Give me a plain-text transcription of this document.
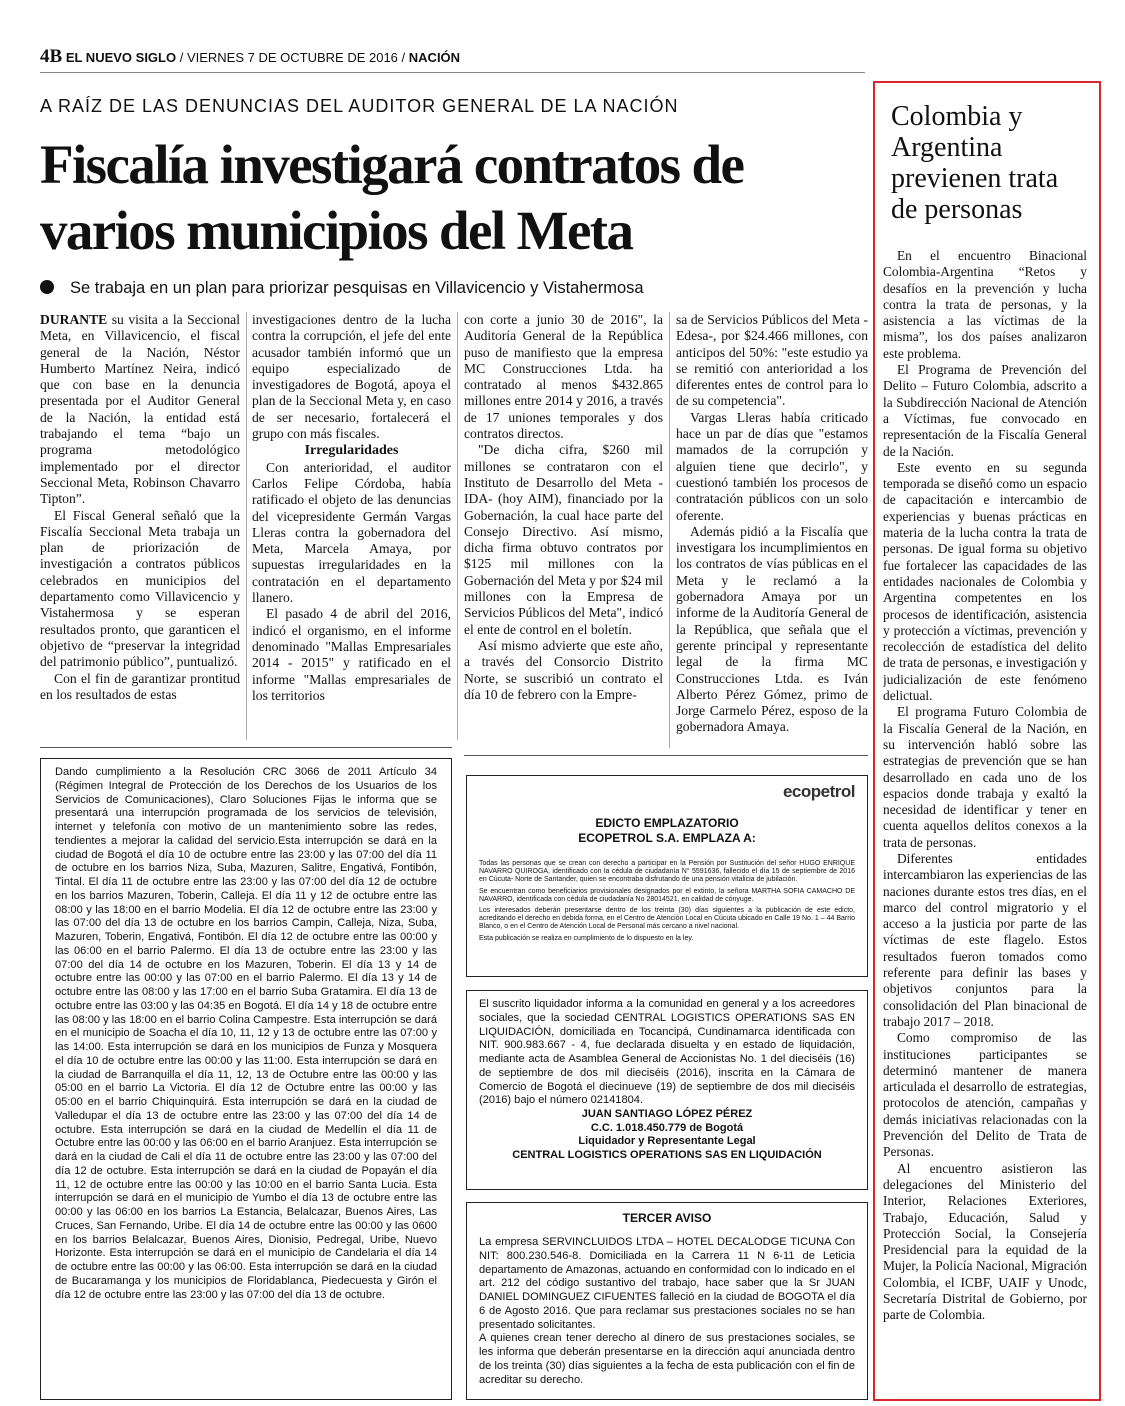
4B EL NUEVO SIGLO / VIERNES 7 DE OCTUBRE DE 2016 / NACIÓN
A RAÍZ DE LAS DENUNCIAS DEL AUDITOR GENERAL DE LA NACIÓN
Fiscalía investigará contratos de varios municipios del Meta
Se trabaja en un plan para priorizar pesquisas en Villavicencio y Vistahermosa

DURANTE su visita a la Seccional Meta, en Villavicencio, el fiscal general de la Nación, Néstor Humberto Martínez Neira, indicó que con base en la denuncia presentada por el Auditor General de la Nación, la entidad está trabajando el tema “bajo un programa metodológico implementado por el director Seccional Meta, Robinson Chavarro Tipton”.

El Fiscal General señaló que la Fiscalía Seccional Meta trabaja un plan de priorización de investigación a contratos públicos celebrados en municipios del departamento como Villavicencio y Vistahermosa y se esperan resultados pronto, que garanticen el objetivo de “preservar la integridad del patrimonio público”, puntualizó.

Con el fin de garantizar prontitud en los resultados de estas

investigaciones dentro de la lucha contra la corrupción, el jefe del ente acusador también informó que un equipo especializado de investigadores de Bogotá, apoya el plan de la Seccional Meta y, en caso de ser necesario, fortalecerá el grupo con más fiscales.

Irregularidades

Con anterioridad, el auditor Carlos Felipe Córdoba, había ratificado el objeto de las denuncias del vicepresidente Germán Vargas Lleras contra la gobernadora del Meta, Marcela Amaya, por supuestas irregularidades en la contratación en el departamento llanero.

El pasado 4 de abril del 2016, indicó el organismo, en el informe denominado "Mallas Empresariales 2014 - 2015" y ratificado en el informe "Mallas empresariales de los territorios

con corte a junio 30 de 2016", la Auditoría General de la República puso de manifiesto que la empresa MC Construcciones Ltda. ha contratado al menos $432.865 millones entre 2014 y 2016, a través de 17 uniones temporales y dos contratos directos.

"De dicha cifra, $260 mil millones se contrataron con el Instituto de Desarrollo del Meta -IDA- (hoy AIM), financiado por la Gobernación, la cual hace parte del Consejo Directivo. Así mismo, dicha firma obtuvo contratos por $125 mil millones con la Gobernación del Meta y por $24 mil millones con la Empresa de Servicios Públicos del Meta", indicó el ente de control en el boletín.

Así mismo advierte que este año, a través del Consorcio Distrito Norte, se suscribió un contrato el día 10 de febrero con la Empre-

sa de Servicios Públicos del Meta -Edesa-, por $24.466 millones, con anticipos del 50%: "este estudio ya se remitió con anterioridad a los diferentes entes de control para lo de su competencia".

Vargas Lleras había criticado hace un par de días que "estamos mamados de la corrupción y alguien tiene que decirlo", y cuestionó también los procesos de contratación públicos con un solo oferente.

Además pidió a la Fiscalía que investigara los incumplimientos en los contratos de vías públicas en el Meta y le reclamó a la gobernadora Amaya por un informe de la Auditoría General de la República, que señala que el gerente principal y representante legal de la firma MC Construcciones Ltda. es Iván Alberto Pérez Gómez, primo de Jorge Carmelo Pérez, esposo de la gobernadora Amaya.

Dando cumplimiento a la Resolución CRC 3066 de 2011 Artículo 34 (Régimen Integral de Protección de los Derechos de los Usuarios de los Servicios de Comunicaciones), Claro Soluciones Fijas le informa que se presentará una interrupción programada de los servicios de televisión, internet y telefonía con motivo de un mantenimiento sobre las redes, tendientes a mejorar la calidad del servicio.Esta interrupción se dará en la ciudad de Bogotá el día 10 de octubre entre las 23:00 y las 07:00 del día 11 de octubre en los barrios Niza, Suba, Mazuren, Salitre, Engativá, Fontibón, Tintal. El día 11 de octubre entre las 23:00 y las 07:00 del día 12 de octubre en los barrios Mazuren, Toberin, Calleja. El día 11 y 12 de octubre entre las 08:00 y las 18:00 en el barrio Modelia. El día 12 de octubre entre las 23:00 y las 07:00 del día 13 de octubre en los barrios Campin, Calleja, Niza, Suba, Mazuren, Toberin, Engativá, Fontibón. El día 12 de octubre entre las 00:00 y las 06:00 en el barrio Palermo. El día 13 de octubre entre las 23:00 y las 07:00 del día 14 de octubre en los Mazuren, Toberin. El día 13 y 14 de octubre entre las 00:00 y las 07:00 en el barrio Palermo. El día 13 y 14 de octubre entre las 08:00 y las 17:00 en el barrio Suba Gratamira. El día 13 de octubre entre las 03:00 y las 04:35 en Bogotá. El día 14 y 18 de octubre entre las 08:00 y las 18:00 en el barrio Colina Campestre. Esta interrupción se dará en el municipio de Soacha el día 10, 11, 12 y 13 de octubre entre las 07:00 y las 14:00. Esta interrupción se dará en los municipios de Funza y Mosquera el día 10 de octubre entre las 00:00 y las 11:00. Esta interrupción se dará en la ciudad de Barranquilla el día 11, 12, 13 de Octubre entre las 00:00 y las 05:00 en el barrio La Victoria. El día 12 de Octubre entre las 00:00 y las 05:00 en el barrio Chiquinquirá. Esta interrupción se dará en la ciudad de Valledupar el día 13 de octubre entre las 23:00 y las 07:00 del día 14 de octubre. Esta interrupción se dará en la ciudad de Medellín el día 11 de Octubre entre las 00:00 y las 06:00 en el barrio Aranjuez. Esta interrupción se dará en la ciudad de Cali el día 11 de octubre entre las 23:00 y las 07:00 del día 12 de octubre. Esta interrupción se dará en la ciudad de Popayán el día 11, 12 de octubre entre las 00:00 y las 10:00 en el barrio Santa Lucia. Esta interrupción se dará en el municipio de Yumbo el día 13 de octubre entre las 00:00 y las 06:00 en los barrios La Estancia, Belalcazar, Buenos Aires, Las Cruces, San Fernando, Uribe. El día 14 de octubre entre las 00:00 y las 0600 en los barrios Belalcazar, Buenos Aires, Dionisio, Pedregal, Uribe, Nuevo Horizonte. Esta interrupción se dará en el municipio de Candelaria el día 14 de octubre entre las 00:00 y las 06:00. Esta interrupción se dará en la ciudad de Bucaramanga y los municipios de Floridablanca, Piedecuesta y Girón el día 12 de octubre entre las 23:00 y las 07:00 del día 13 de octubre.
ecopetrol
EDICTO EMPLAZATORIO
ECOPETROL S.A. EMPLAZA A:
Todas las personas que se crean con derecho a participar en la Pensión por Sustitución del señor HUGO ENRIQUE NAVARRO QUIROGA, identificado con la cédula de ciudadanía N° 5591636, fallecido el día 15 de septiembre de 2016 en Cúcuta- Norte de Santander, quien se encontraba disfrutando de una pensión vitalicia de jubilación.
Se encuentran como beneficiarios provisionales designados por el extinto, la señora MARTHA SOFIA CAMACHO DE NAVARRO, identificada con cédula de ciudadanía No 28014521, en calidad de cónyuge.
Los interesados deberán presentarse dentro de los treinta (30) días siguientes a la publicación de este edicto, acreditando el derecho en debida forma, en el Centro de Atención Local en Cúcuta ubicado en Calle 19 No. 1 – 44 Barrio Blanco, o en el Centro de Atención Local de Personal más cercano a nivel nacional.
Esta publicación se realiza en cumplimiento de lo dispuesto en la ley.
El suscrito liquidador informa a la comunidad en general y a los acreedores sociales, que la sociedad CENTRAL LOGISTICS OPERATIONS SAS EN LIQUIDACIÓN, domiciliada en Tocancipá, Cundinamarca identificada con NIT. 900.983.667 - 4, fue declarada disuelta y en estado de liquidación, mediante acta de Asamblea General de Accionistas No. 1 del dieciséis (16) de septiembre de dos mil dieciséis (2016), inscrita en la Cámara de Comercio de Bogotá el diecinueve (19) de septiembre de dos mil dieciséis (2016) bajo el número 02141804.
JUAN SANTIAGO LÓPEZ PÉREZ
C.C. 1.018.450.779 de Bogotá
Liquidador y Representante Legal
CENTRAL LOGISTICS OPERATIONS SAS EN LIQUIDACIÓN
TERCER AVISO
La empresa SERVINCLUIDOS LTDA – HOTEL DECALODGE TICUNA Con NIT: 800.230.546-8. Domiciliada en la Carrera 11 N 6-11 de Leticia departamento de Amazonas, actuando en conformidad con lo indicado en el art. 212 del código sustantivo del trabajo, hace saber que la Sr JUAN DANIEL DOMINGUEZ CIFUENTES falleció en la ciudad de BOGOTA el día 6 de Agosto 2016. Que para reclamar sus prestaciones sociales no se han presentado solicitantes.
A quienes crean tener derecho al dinero de sus prestaciones sociales, se les informa que deberán presentarse en la dirección aquí anunciada dentro de los treinta (30) días siguientes a la fecha de esta publicación con el fin de acreditar su derecho.
Colombia y Argentina previenen trata de personas

En el encuentro Binacional Colombia-Argentina “Retos y desafíos en la prevención y lucha contra la trata de personas, y la asistencia a las víctimas de la misma”, los dos países analizaron este problema.

El Programa de Prevención del Delito – Futuro Colombia, adscrito a la Subdirección Nacional de Atención a Víctimas, fue convocado en representación de la Fiscalía General de la Nación.

Este evento en su segunda temporada se diseñó como un espacio de capacitación e intercambio de experiencias y buenas prácticas en materia de la lucha contra la trata de personas. De igual forma su objetivo fue fortalecer las capacidades de las entidades nacionales de Colombia y Argentina competentes en los procesos de identificación, asistencia y protección a víctimas, prevención y recolección de estadística del delito de trata de personas, e investigación y judicialización de este fenómeno delictual.

El programa Futuro Colombia de la Fiscalía General de la Nación, en su intervención habló sobre las estrategias de prevención que se han desarrollado en cada uno de los espacios donde trabaja y exaltó la necesidad de identificar y tener en cuenta aquellos delitos conexos a la trata de personas.

Diferentes entidades intercambiaron las experiencias de las naciones durante estos tres días, en el marco del control migratorio y el acceso a la justicia por parte de las víctimas de este flagelo. Estos resultados fueron tomados como referente para definir las bases y objetivos conjuntos para la consolidación del Plan binacional de trabajo 2017 – 2018.

Como compromiso de las instituciones participantes se determinó mantener de manera articulada el desarrollo de estrategias, protocolos de atención, campañas y demás iniciativas relacionadas con la Prevención del Delito de Trata de Personas.

Al encuentro asistieron las delegaciones del Ministerio del Interior, Relaciones Exteriores, Trabajo, Educación, Salud y Protección Social, la Consejería Presidencial para la equidad de la Mujer, la Policía Nacional, Migración Colombia, el ICBF, UAIF y Unodc, Secretaría Distrital de Gobierno, por parte de Colombia.
